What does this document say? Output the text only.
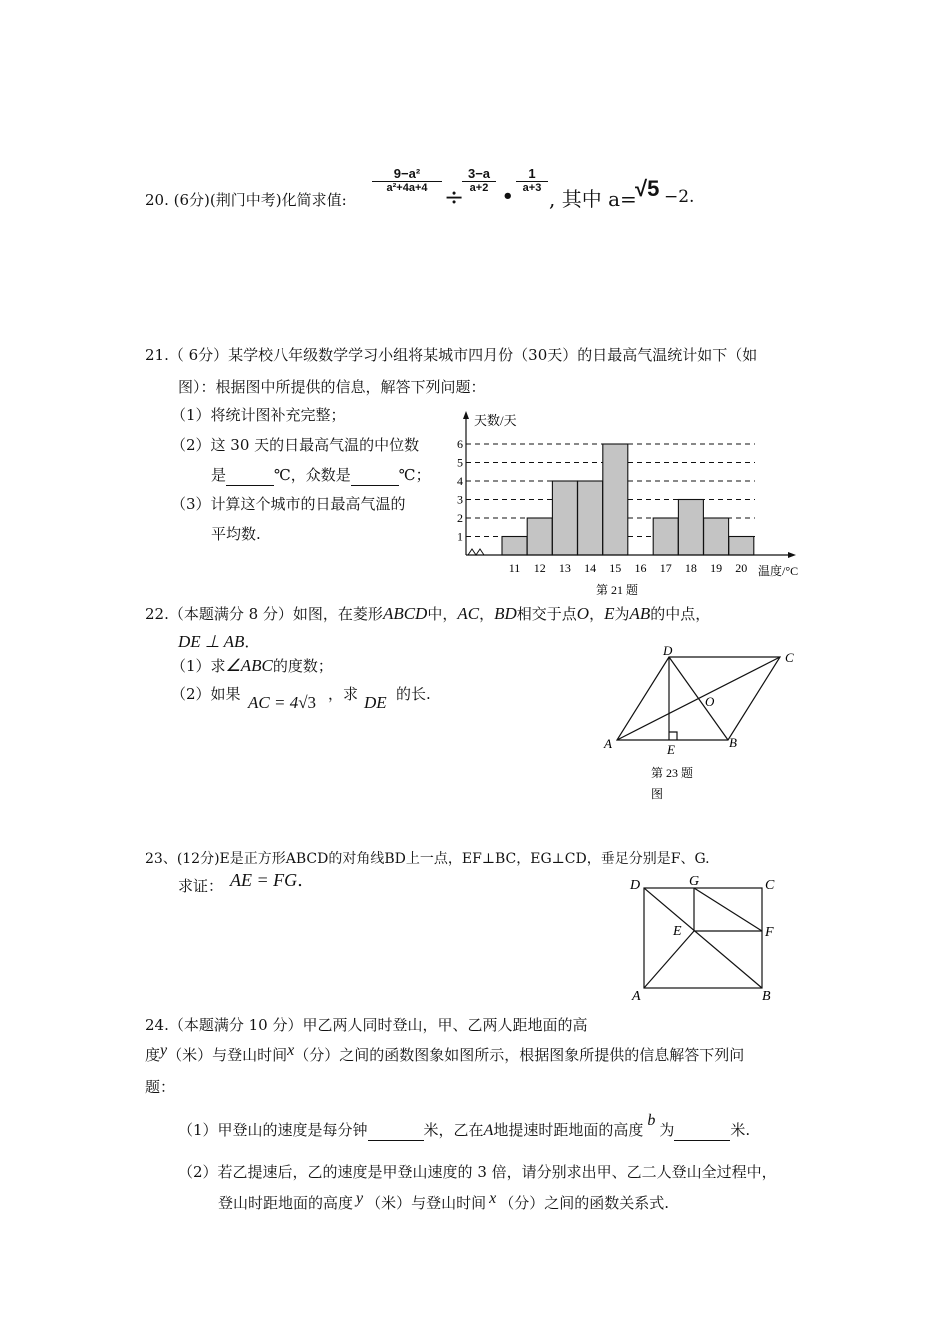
20. (6分)(荆门中考)化简求值:
9−a²
a²+4a+4 ÷
3−a
a+2 •
1
a+3 , 其中 a=
√5 −2.
21.（ 6分）某学校八年级数学学习小组将某城市四月份（30天）的日最高气温统计如下（如
图）：根据图中所提供的信息，解答下列问题：
（1）将统计图补充完整；
（2）这 30 天的日最高气温的中位数
是	℃，众数是	℃；
（3）计算这个城市的日最高气温的
平均数.	1
2
3
4
5
6
11 12 13 14 15 16 17 18 19 20
天数/天
温度/°C
第 21 题
22.（本题满分 8 分）如图，在菱形ABCD中，AC，BD相交于点O，E为AB的中点，
DE ⊥ AB．
（1）求∠ABC的度数；
（2）如果 AC = 4√3 ，求 DE 的长.
D	C
O
A	E	B
第 23 题
图
23、(12分)E是正方形ABCD的对角线BD上一点，EF⊥BC，EG⊥CD，垂足分别是F、G.
求证： AE = FG.	D	G	C
E	F
A	B
24.（本题满分 10 分）甲乙两人同时登山，甲、乙两人距地面的高
度y（米）与登山时间x（分）之间的函数图象如图所示，根据图象所提供的信息解答下列问
题：
（1）甲登山的速度是每分钟	米，乙在A地提速时距地面的高度b为	米.
（2）若乙提速后，乙的速度是甲登山速度的 3 倍，请分别求出甲、乙二人登山全过程中，
登山时距地面的高度 y （米）与登山时间 x （分）之间的函数关系式.
